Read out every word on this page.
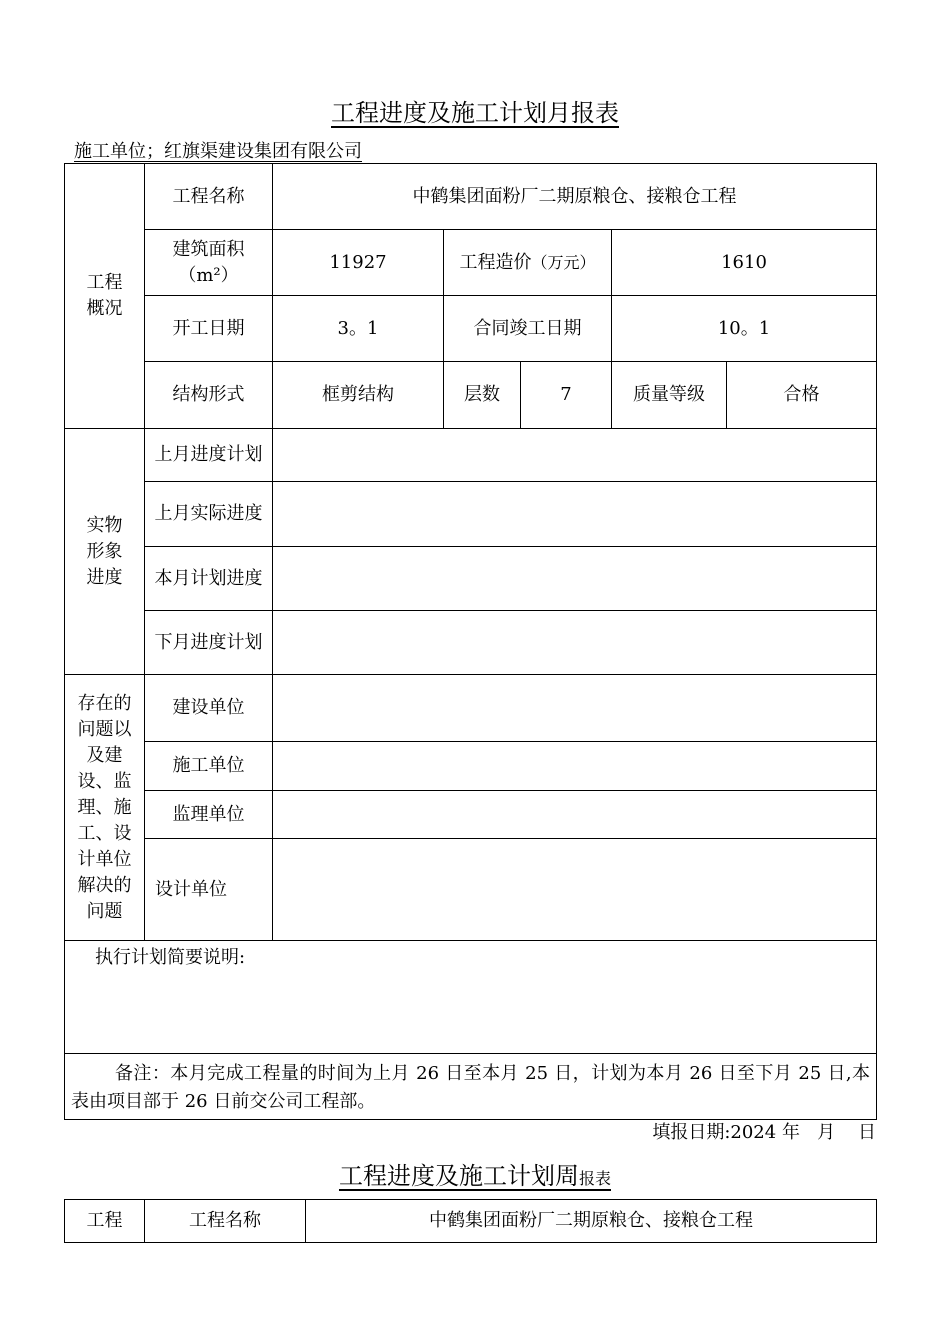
工程进度及施工计划月报表
施工单位；红旗渠建设集团有限公司
工程概况	工程名称	中鹤集团面粉厂二期原粮仓、接粮仓工程				

	建筑面积（m²）	11927	工程造价（万元）		1610	
	开工日期	3。1	合同竣工日期		10。1	
	结构形式	框剪结构	层数	7	质量等级	合格

实物形象进度	上月进度计划					
	上月实际进度					
	本月计划进度					
	下月进度计划					

存在的问题以及建设、监理、施工、设计单位解决的问题	建设单位					
	施工单位					
	监理单位					
	设计单位					
执行计划简要说明:						
备注：本月完成工程量的时间为上月 26 日至本月 25 日，计划为本月 26 日至下月 25 日,本表由项目部于 26 日前交公司工程部。						
填报日期:2024 年   月    日
工程进度及施工计划周报表
工程	工程名称	中鹤集团面粉厂二期原粮仓、接粮仓工程
